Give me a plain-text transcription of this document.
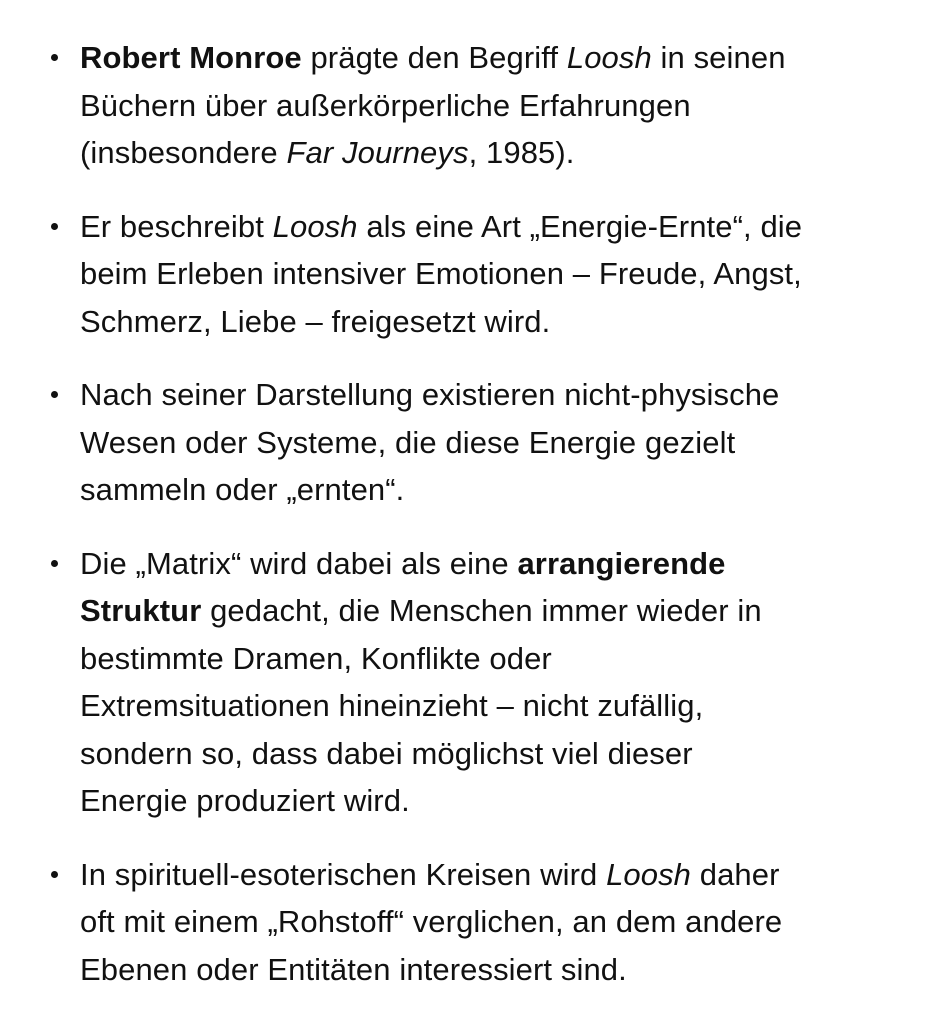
Robert Monroe prägte den Begriff Loosh in seinen
Büchern über außerkörperliche Erfahrungen
(insbesondere Far Journeys, 1985).
Er beschreibt Loosh als eine Art „Energie-Ernte“, die
beim Erleben intensiver Emotionen – Freude, Angst,
Schmerz, Liebe – freigesetzt wird.
Nach seiner Darstellung existieren nicht-physische
Wesen oder Systeme, die diese Energie gezielt
sammeln oder „ernten“.
Die „Matrix“ wird dabei als eine arrangierende
Struktur gedacht, die Menschen immer wieder in
bestimmte Dramen, Konflikte oder
Extremsituationen hineinzieht – nicht zufällig,
sondern so, dass dabei möglichst viel dieser
Energie produziert wird.
In spirituell-esoterischen Kreisen wird Loosh daher
oft mit einem „Rohstoff“ verglichen, an dem andere
Ebenen oder Entitäten interessiert sind.
